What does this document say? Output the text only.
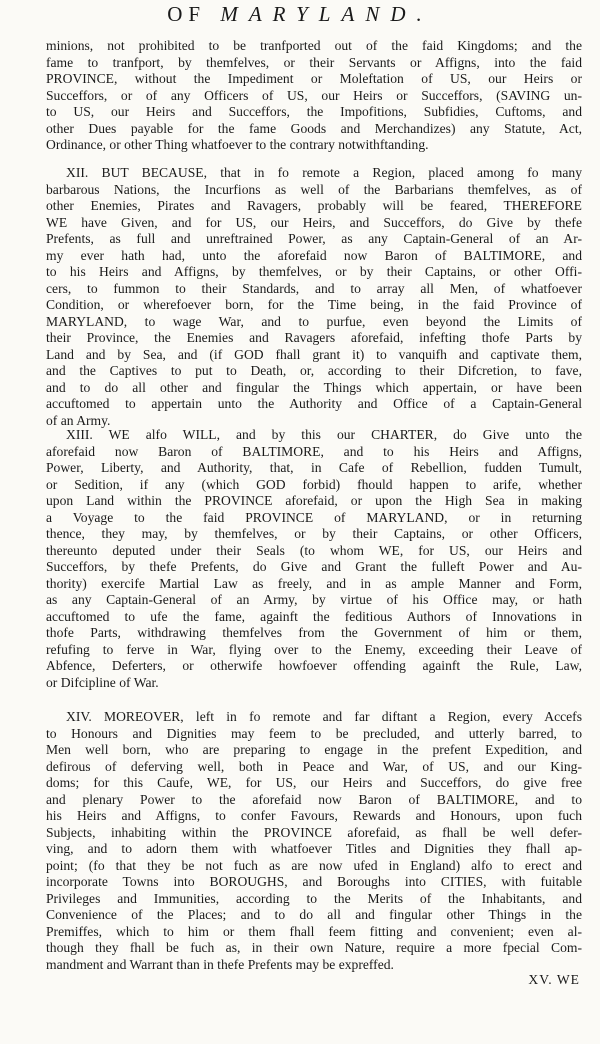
OF MARYLAND.
minions, not prohibited to be tranfported out of the faid Kingdoms; and the
fame to tranfport, by themfelves, or their Servants or Affigns, into the faid
PROVINCE, without the Impediment or Moleftation of US, our Heirs or
Succeffors, or of any Officers of US, our Heirs or Succeffors, (SAVING un-
to US, our Heirs and Succeffors, the Impofitions, Subfidies, Cuftoms, and
other Dues payable for the fame Goods and Merchandizes) any Statute, Act,
Ordinance, or other Thing whatfoever to the contrary notwithftanding.
XII. BUT BECAUSE, that in fo remote a Region, placed among fo many
barbarous Nations, the Incurfions as well of the Barbarians themfelves, as of
other Enemies, Pirates and Ravagers, probably will be feared, THEREFORE
WE have Given, and for US, our Heirs, and Succeffors, do Give by thefe
Prefents, as full and unreftrained Power, as any Captain-General of an Ar-
my ever hath had, unto the aforefaid now Baron of BALTIMORE, and
to his Heirs and Affigns, by themfelves, or by their Captains, or other Offi-
cers, to fummon to their Standards, and to array all Men, of whatfoever
Condition, or wherefoever born, for the Time being, in the faid Province of
MARYLAND, to wage War, and to purfue, even beyond the Limits of
their Province, the Enemies and Ravagers aforefaid, infefting thofe Parts by
Land and by Sea, and (if GOD fhall grant it) to vanquifh and captivate them,
and the Captives to put to Death, or, according to their Difcretion, to fave,
and to do all other and fingular the Things which appertain, or have been
accuftomed to appertain unto the Authority and Office of a Captain-General
of an Army.
XIII. WE alfo WILL, and by this our CHARTER, do Give unto the
aforefaid now Baron of BALTIMORE, and to his Heirs and Affigns,
Power, Liberty, and Authority, that, in Cafe of Rebellion, fudden Tumult,
or Sedition, if any (which GOD forbid) fhould happen to arife, whether
upon Land within the PROVINCE aforefaid, or upon the High Sea in making
a Voyage to the faid PROVINCE of MARYLAND, or in returning
thence, they may, by themfelves, or by their Captains, or other Officers,
thereunto deputed under their Seals (to whom WE, for US, our Heirs and
Succeffors, by thefe Prefents, do Give and Grant the fulleft Power and Au-
thority) exercife Martial Law as freely, and in as ample Manner and Form,
as any Captain-General of an Army, by virtue of his Office may, or hath
accuftomed to ufe the fame, againft the feditious Authors of Innovations in
thofe Parts, withdrawing themfelves from the Government of him or them,
refufing to ferve in War, flying over to the Enemy, exceeding their Leave of
Abfence, Deferters, or otherwife howfoever offending againft the Rule, Law,
or Difcipline of War.
XIV. MOREOVER, left in fo remote and far diftant a Region, every Accefs
to Honours and Dignities may feem to be precluded, and utterly barred, to
Men well born, who are preparing to engage in the prefent Expedition, and
defirous of deferving well, both in Peace and War, of US, and our King-
doms; for this Caufe, WE, for US, our Heirs and Succeffors, do give free
and plenary Power to the aforefaid now Baron of BALTIMORE, and to
his Heirs and Affigns, to confer Favours, Rewards and Honours, upon fuch
Subjects, inhabiting within the PROVINCE aforefaid, as fhall be well defer-
ving, and to adorn them with whatfoever Titles and Dignities they fhall ap-
point; (fo that they be not fuch as are now ufed in England) alfo to erect and
incorporate Towns into BOROUGHS, and Boroughs into CITIES, with fuitable
Privileges and Immunities, according to the Merits of the Inhabitants, and
Convenience of the Places; and to do all and fingular other Things in the
Premiffes, which to him or them fhall feem fitting and convenient; even al-
though they fhall be fuch as, in their own Nature, require a more fpecial Com-
mandment and Warrant than in thefe Prefents may be expreffed.
XV. WE
